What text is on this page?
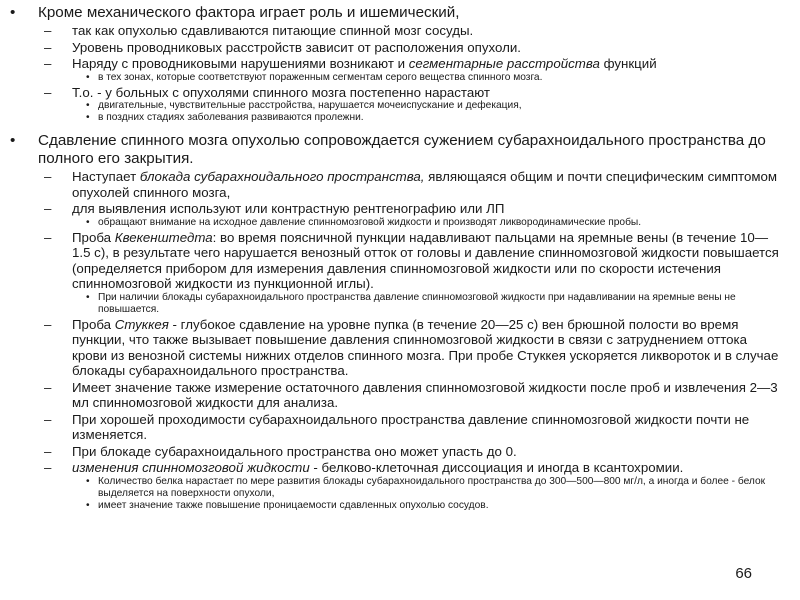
• Кроме механического фактора играет роль и ишемический,
– так как опухолью сдавливаются питающие спинной мозг сосуды.
– Уровень проводниковых расстройств зависит от расположения опухоли.
– Наряду с проводниковыми нарушениями возникают и сегментарные расстройства функций
• в тех зонах, которые соответствуют пораженным сегментам серого вещества спинного мозга.
– Т.о. - у больных с опухолями спинного мозга постепенно нарастают
• двигательные, чувствительные расстройства, нарушается мочеиспускание и дефекация,
• в поздних стадиях заболевания развиваются пролежни.
• Сдавление спинного мозга опухолью сопровождается сужением субарахноидального пространства до полного его закрытия.
– Наступает блокада субарахноидального пространства, являющаяся общим и почти специфическим симптомом опухолей спинного мозга,
– для выявления используют или контрастную рентгенографию или ЛП
• обращают внимание на исходное давление спинномозговой жидкости и производят ликвородинамические пробы.
– Проба Квекенштедта: во время поясничной пункции надавливают пальцами на яремные вены (в течение 10—1.5 с), в результате чего нарушается венозный отток от головы и давление спинномозговой жидкости повышается (определяется прибором для измерения давления спинномозговой жидкости или по скорости истечения спинномозговой жидкости из пункционной иглы).
• При наличии блокады субарахноидального пространства давление спинномозговой жидкости при надавливании на яремные вены не повышается.
– Проба Стуккея - глубокое сдавление на уровне пупка (в течение 20—25 с) вен брюшной полости во время пункции, что также вызывает повышение давления спинномозговой жидкости в связи с затруднением оттока крови из венозной системы нижних отделов спинного мозга. При пробе Стуккея ускоряется ликвороток и в случае блокады субарахноидального пространства.
– Имеет значение также измерение остаточного давления спинномозговой жидкости после проб и извлечения 2—3 мл спинномозговой жидкости для анализа.
– При хорошей проходимости субарахноидального пространства давление спинномозговой жидкости почти не изменяется.
– При блокаде субарахноидального пространства оно может упасть до 0.
– изменения спинномозговой жидкости - белково-клеточная диссоциация и иногда в ксантохромии.
• Количество белка нарастает по мере развития блокады субарахноидального пространства до 300—500—800 мг/л, а иногда и более - белок выделяется на поверхности опухоли,
• имеет значение также повышение проницаемости сдавленных опухолью сосудов.
66
